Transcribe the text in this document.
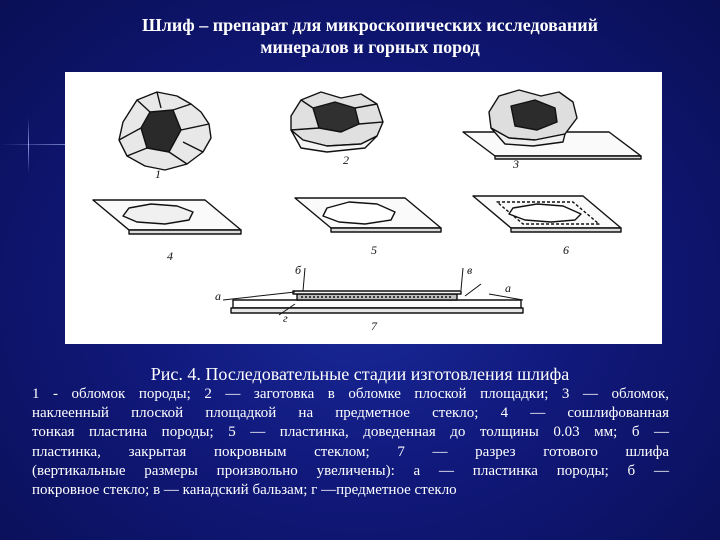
Шлиф – препарат для микроскопических исследований
минералов и горных пород
1
2	3
4	5	6
7
б	в
а
а
г
Рис. 4. Последовательные стадии изготовления шлифа
1 - обломок породы; 2 — заготовка в обломке плоской площадки; 3 — обломок,
наклеенный плоской площадкой на предметное стекло; 4 — сошлифованная
тонкая пластина породы; 5 — пластинка, доведенная до толщины 0.03 мм; б —
пластинка, закрытая покровным стеклом; 7 — разрез готового шлифа
(вертикальные размеры произвольно увеличены): а — пластинка породы; б —
покровное стекло; в — канадский бальзам; г —предметное стекло
